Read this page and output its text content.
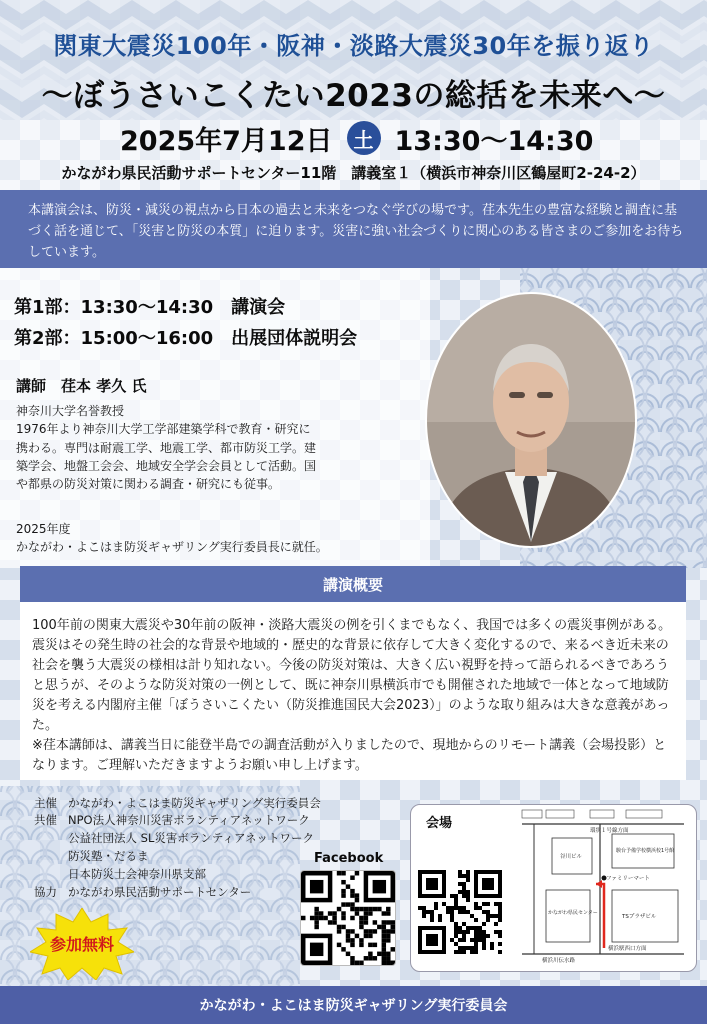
関東大震災100年・阪神・淡路大震災30年を振り返り
〜ぼうさいこくたい2023の総括を未来へ〜
2025年7月12日	土 13:30〜14:30
かながわ県民活動サポートセンター11階　講義室１（横浜市神奈川区鶴屋町2-24-2）
本講演会は、防災・減災の視点から日本の過去と未来をつなぐ学びの場です。荏本先生の豊富な経験と調査に基づく話を通じて、「災害と防災の本質」に迫ります。災害に強い社会づくりに関心のある皆さまのご参加をお待ちしています。
第1部：13:30〜14:30　講演会
第2部：15:00〜16:00　出展団体説明会
講師　荏本 孝久 氏
神奈川大学名誉教授
1976年より神奈川大学工学部建築学科で教育・研究に携わる。専門は耐震工学、地震工学、都市防災工学。建築学会、地盤工会会、地域安全学会会員として活動。国や都県の防災対策に関わる調査・研究にも従事。
2025年度
かながわ・よこはま防災ギャザリング実行委員長に就任。
講演概要
100年前の関東大震災や30年前の阪神・淡路大震災の例を引くまでもなく、我国では多くの震災事例がある。震災はその発生時の社会的な背景や地域的・歴史的な背景に依存して大きく変化するので、来るべき近未来の社会を襲う大震災の様相は計り知れない。今後の防災対策は、大きく広い視野を持って語られるべきであろうと思うが、そのような防災対策の一例として、既に神奈川県横浜市でも開催された地域で一体となって地域防災を考える内閣府主催「ぼうさいこくたい（防災推進国民大会2023）」のような取り組みは大きな意義があった。
※荏本講師は、講義当日に能登半島での調査活動が入りましたので、現地からのリモート講義（会場投影）となります。ご理解いただきますようお願い申し上げます。
主催 かながわ・よこはま防災ギャザリング実行委員会
共催 NPO法人神奈川災害ボランティアネットワーク
公益社団法人 SL災害ボランティアネットワーク
防災塾・だるま
日本防災士会神奈川県支部
協力 かながわ県民活動サポートセンター
Facebook
会場	環状１号線方面
谷川ビル
駿台予備学校横浜校1号館
ファミリーマート
かながわ県民センター
TSプラザビル
横浜駅西口方面
横浜川伝水路
参加無料
かながわ・よこはま防災ギャザリング実行委員会
